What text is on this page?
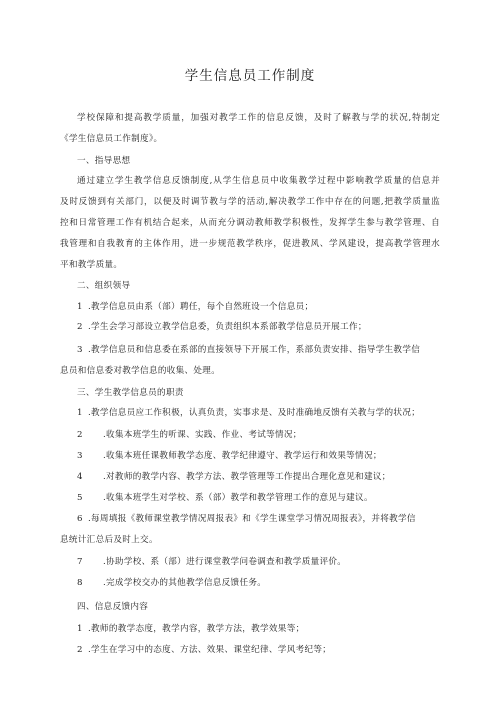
学生信息员工作制度
学校保障和提高教学质量，加强对教学工作的信息反馈，及时了解教与学的状况,特制定
《学生信息员工作制度》。
一、指导思想
通过建立学生教学信息反馈制度,从学生信息员中收集教学过程中影响教学质量的信息并
及时反馈到有关部门，以便及时调节教与学的活动,解决教学工作中存在的问题,把教学质量监
控和日常管理工作有机结合起来，从而充分调动教师教学积极性，发挥学生参与教学管理、自
我管理和自我教育的主体作用，进一步规范教学秩序，促进教风、学风建设，提高教学管理水
平和教学质量。
二、组织领导
1 .教学信息员由系（部）聘任，每个自然班设一个信息员；
2 .学生会学习部设立教学信息委，负责组织本系部教学信息员开展工作；
3 .教学信息员和信息委在系部的直接领导下开展工作，系部负责安排、指导学生教学信
息员和信息委对教学信息的收集、处理。
三、学生教学信息员的职责
1 .教学信息员应工作积极，认真负责，实事求是、及时准确地反馈有关教与学的状况；
2 .收集本班学生的听课、实践、作业、考试等情况；
3 .收集本班任课教师教学态度、教学纪律遵守、教学运行和效果等情况；
4 .对教师的教学内容、教学方法、教学管理等工作提出合理化意见和建议；
5 .收集本班学生对学校、系（部）教学和教学管理工作的意见与建议。
6 .每周填报《教师课堂教学情况周报表》和《学生课堂学习情况周报表》，并将教学信
息统计汇总后及时上交。
7 .协助学校、系（部）进行课堂教学问卷调查和教学质量评价。
8 .完成学校交办的其他教学信息反馈任务。
四、信息反馈内容
1 .教师的教学态度，教学内容，教学方法，教学效果等；
2 .学生在学习中的态度、方法、效果、课堂纪律、学风考纪等；
